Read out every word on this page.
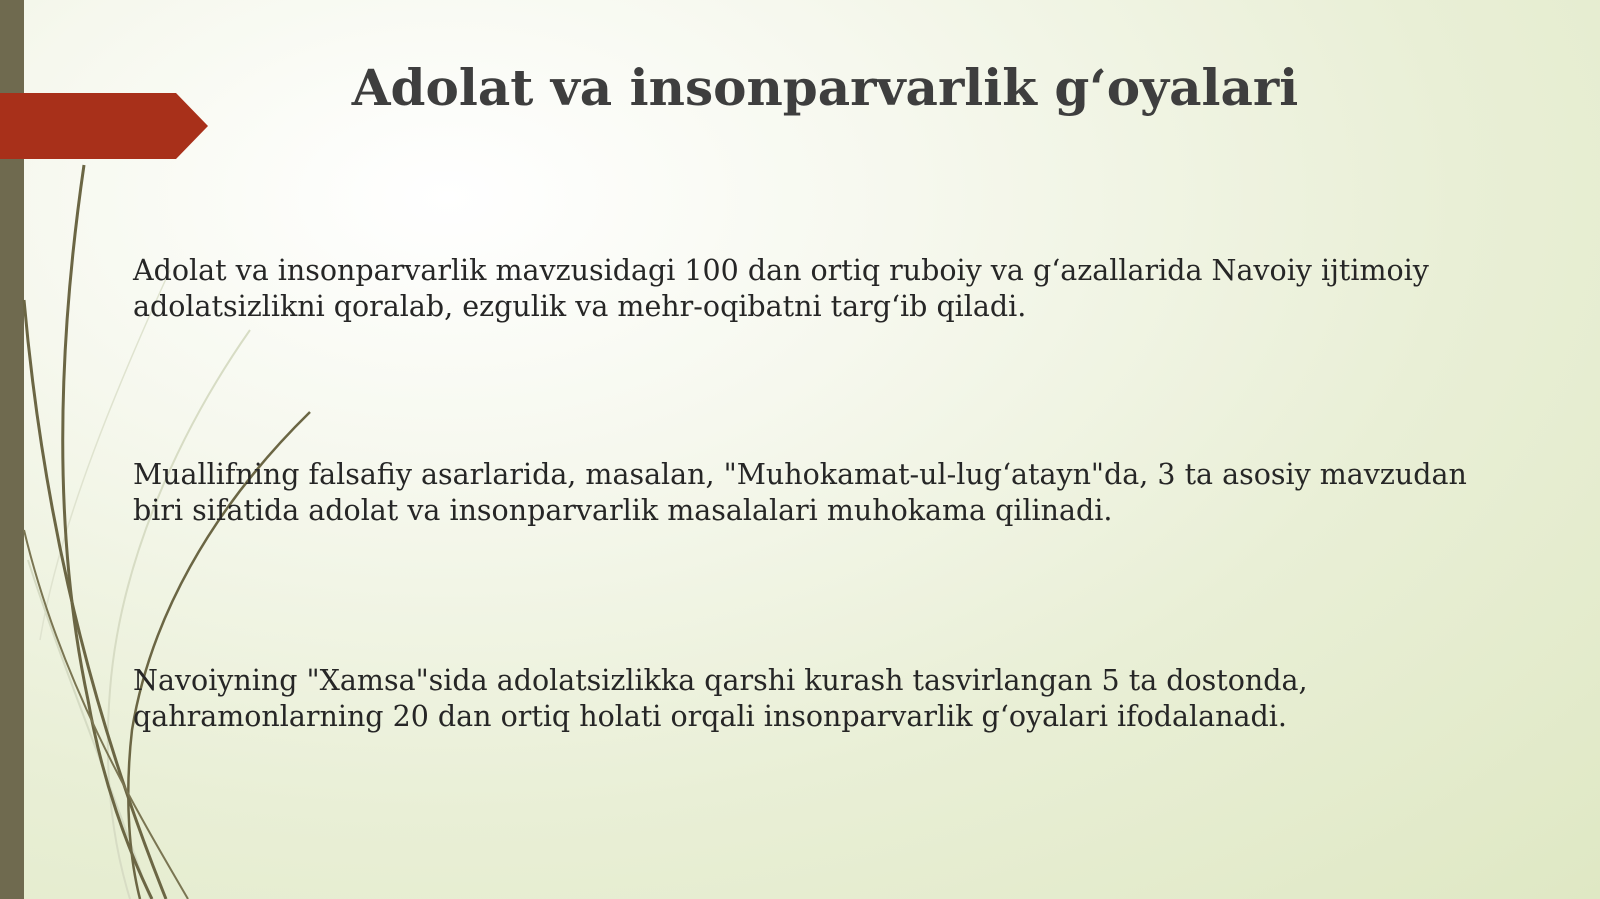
Adolat va insonparvarlik g‘oyalari

Adolat va insonparvarlik mavzusidagi 100 dan ortiq ruboiy va g‘azallarida Navoiy ijtimoiy adolatsizlikni qoralab, ezgulik va mehr-oqibatni targ‘ib qiladi.

Muallifning falsafiy asarlarida, masalan, "Muhokamat-ul-lug‘atayn"da, 3 ta asosiy mavzudan biri sifatida adolat va insonparvarlik masalalari muhokama qilinadi.

Navoiyning "Xamsa"sida adolatsizlikka qarshi kurash tasvirlangan 5 ta dostonda, qahramonlarning 20 dan ortiq holati orqali insonparvarlik g‘oyalari ifodalanadi.
